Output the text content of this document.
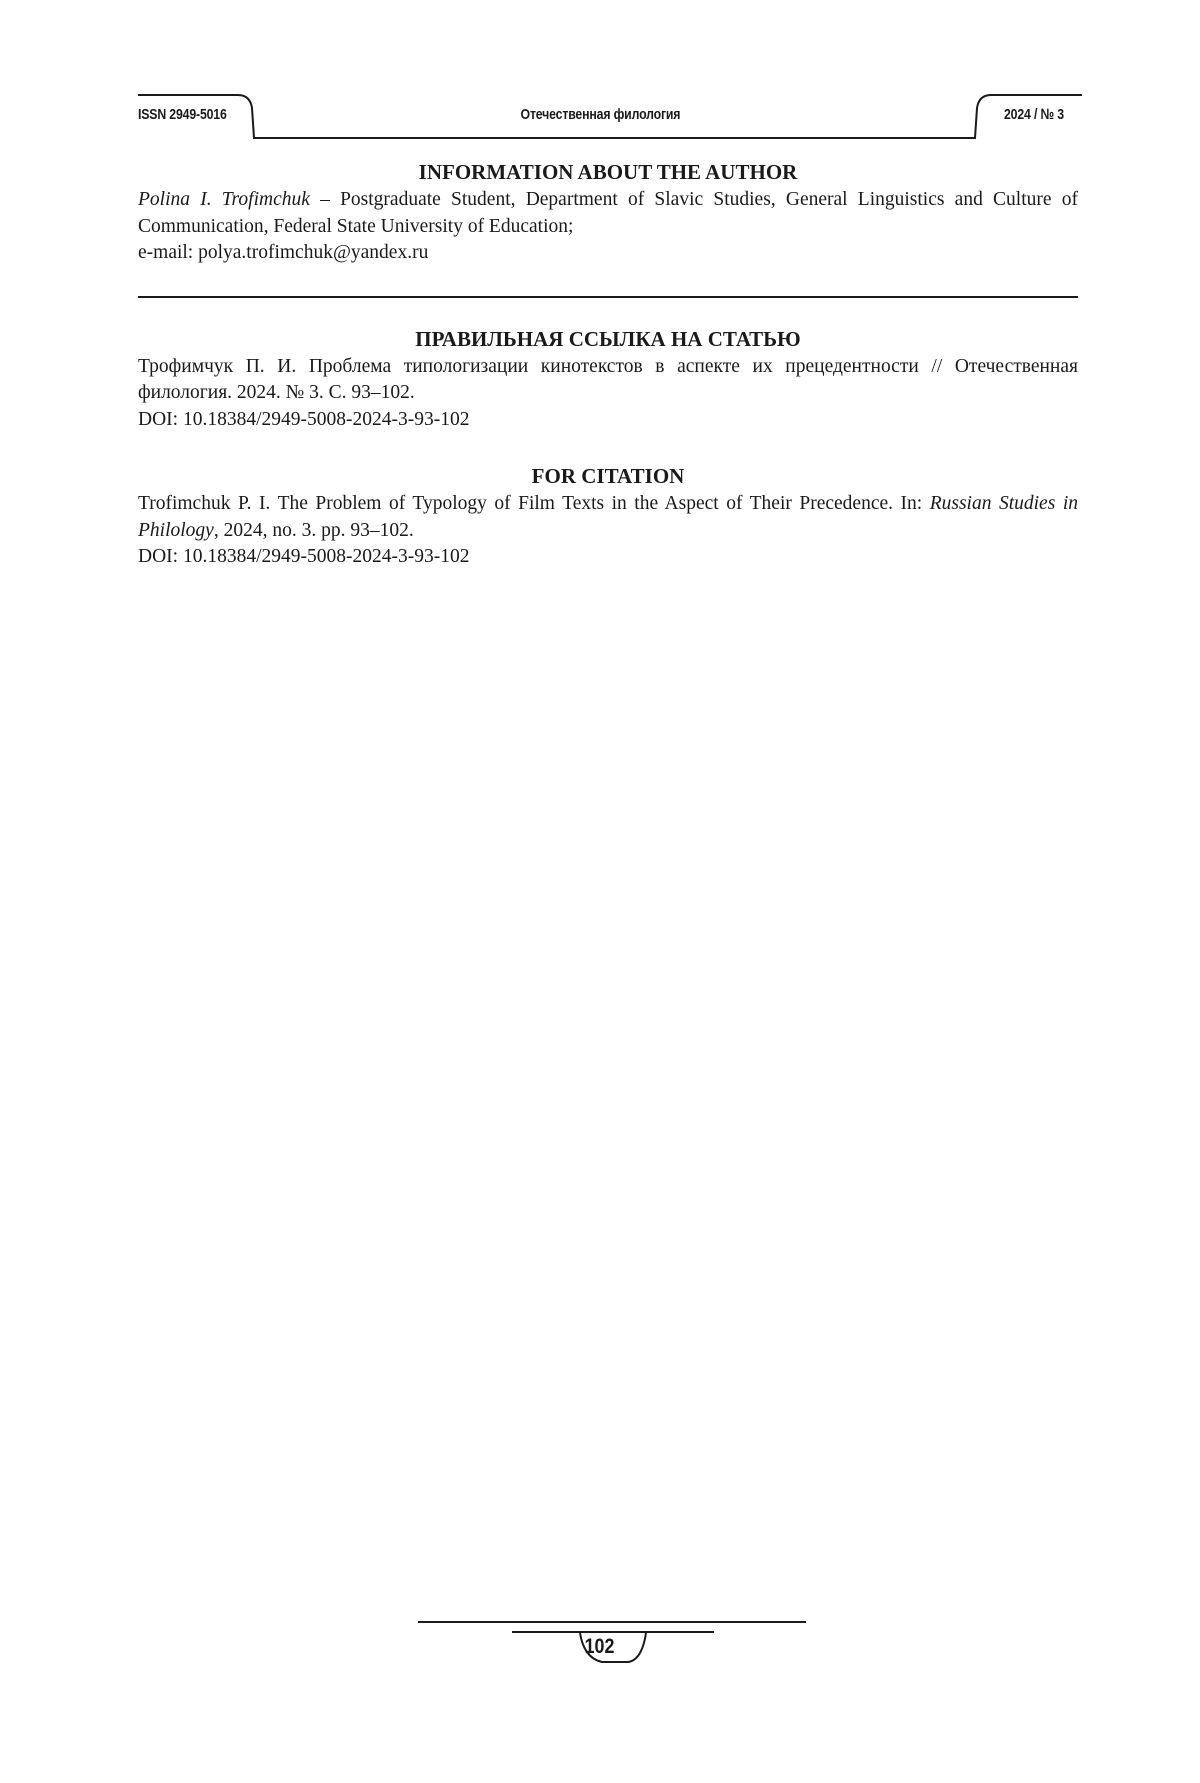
ISSN 2949-5016	Отечественная филология	2024 / № 3
INFORMATION ABOUT THE AUTHOR

Polina I. Trofimchuk – Postgraduate Student, Department of Slavic Studies, General Linguistics and Culture of Communication, Federal State University of Education;

e-mail: polya.trofimchuk@yandex.ru

ПРАВИЛЬНАЯ ССЫЛКА НА СТАТЬЮ

Трофимчук П. И. Проблема типологизации кинотекстов в аспекте их прецедентности // Отечественная филология. 2024. № 3. С. 93–102.

DOI: 10.18384/2949-5008-2024-3-93-102

FOR CITATION

Trofimchuk P. I. The Problem of Typology of Film Texts in the Aspect of Their Precedence. In: Russian Studies in Philology, 2024, no. 3. pp. 93–102.

DOI: 10.18384/2949-5008-2024-3-93-102

102
